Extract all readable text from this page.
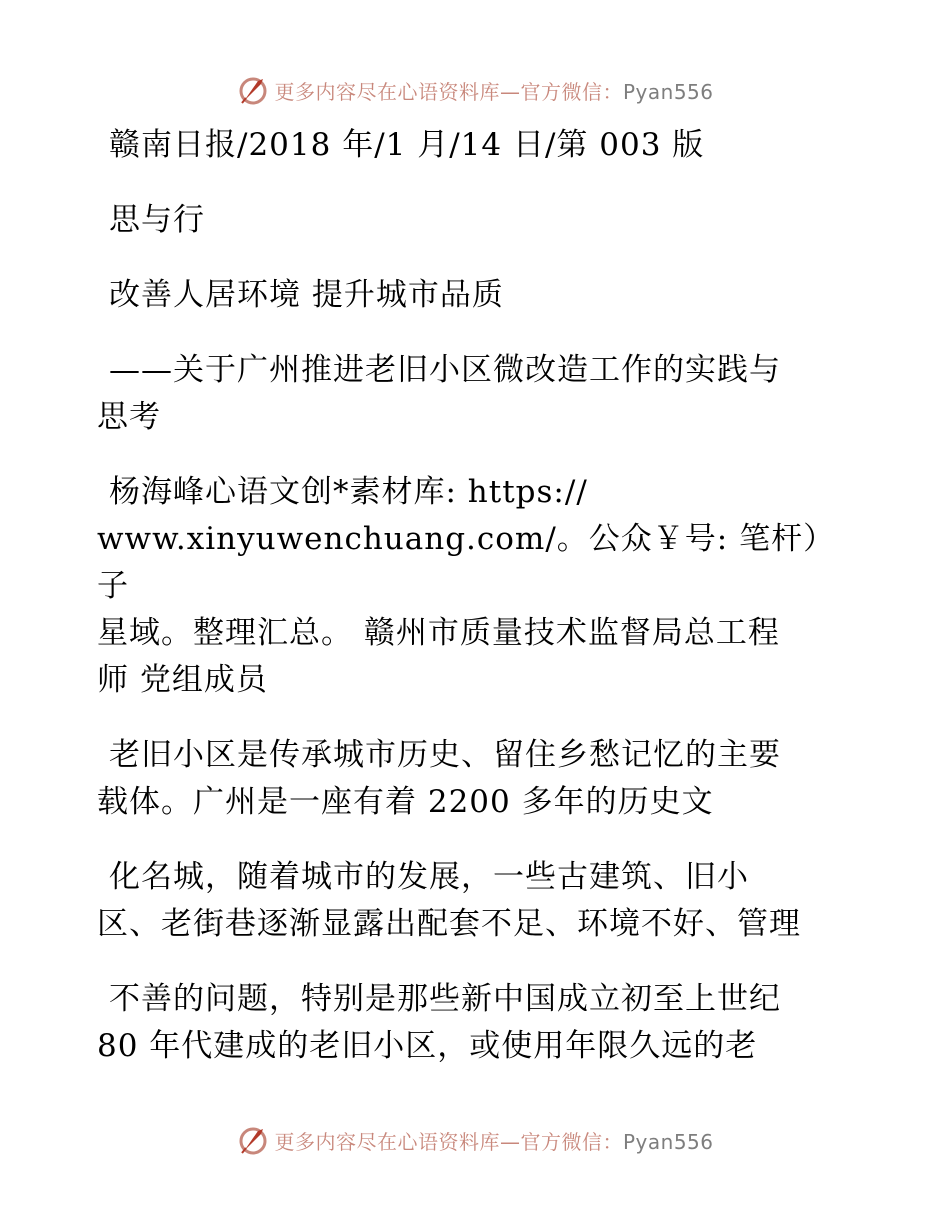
更多内容尽在心语资料库—官方微信：Pyan556

赣南日报/2018 年/1 月/14 日/第 003 版

思与行

改善人居环境 提升城市品质

——关于广州推进老旧小区微改造工作的实践与

思考

杨海峰心语文创*素材库: https://

www.xinyuwenchuang.com/。公众￥号: 笔杆）子

星域。整理汇总。 赣州市质量技术监督局总工程

师 党组成员

老旧小区是传承城市历史、留住乡愁记忆的主要

载体。广州是一座有着 2200 多年的历史文

化名城，随着城市的发展，一些古建筑、旧小

区、老街巷逐渐显露出配套不足、环境不好、管理

不善的问题，特别是那些新中国成立初至上世纪

80 年代建成的老旧小区，或使用年限久远的老

更多内容尽在心语资料库—官方微信：Pyan556
